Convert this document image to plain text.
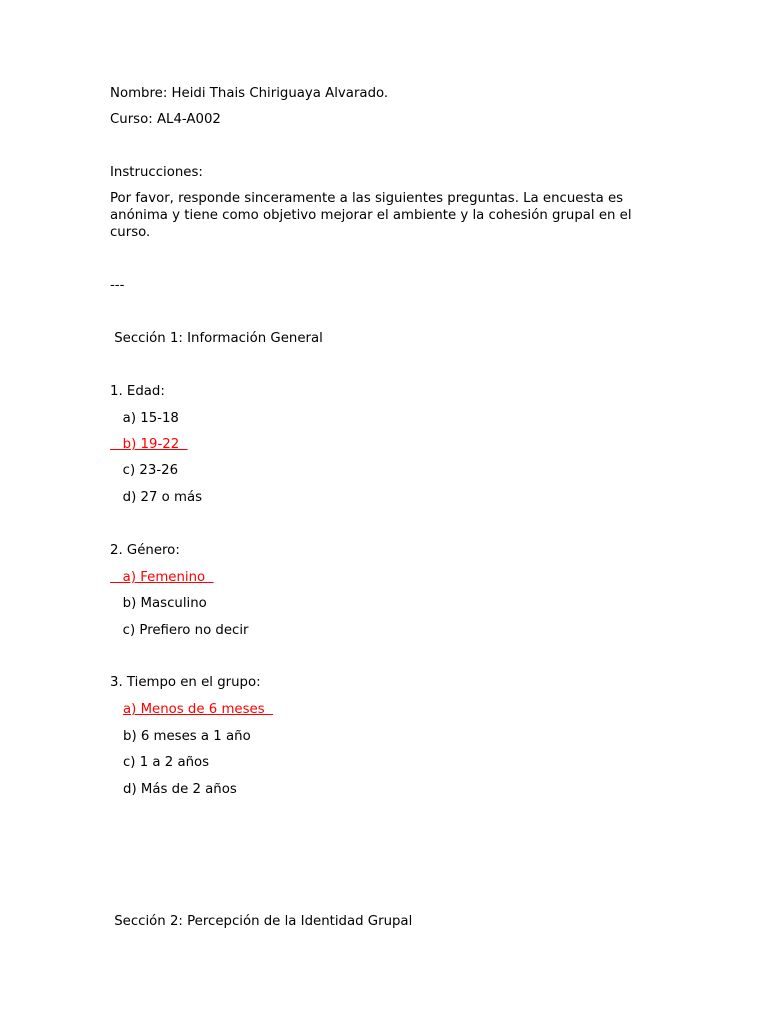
Nombre: Heidi Thais Chiriguaya Alvarado.
Curso: AL4-A002
Instrucciones:
Por favor, responde sinceramente a las siguientes preguntas. La encuesta es anónima y tiene como objetivo mejorar el ambiente y la cohesión grupal en el curso.
---
Sección 1: Información General
1. Edad:
a) 15-18
b) 19-22
c) 23-26
d) 27 o más
2. Género:
a) Femenino
b) Masculino
c) Prefiero no decir
3. Tiempo en el grupo:
a) Menos de 6 meses
b) 6 meses a 1 año
c) 1 a 2 años
d) Más de 2 años
Sección 2: Percepción de la Identidad Grupal
